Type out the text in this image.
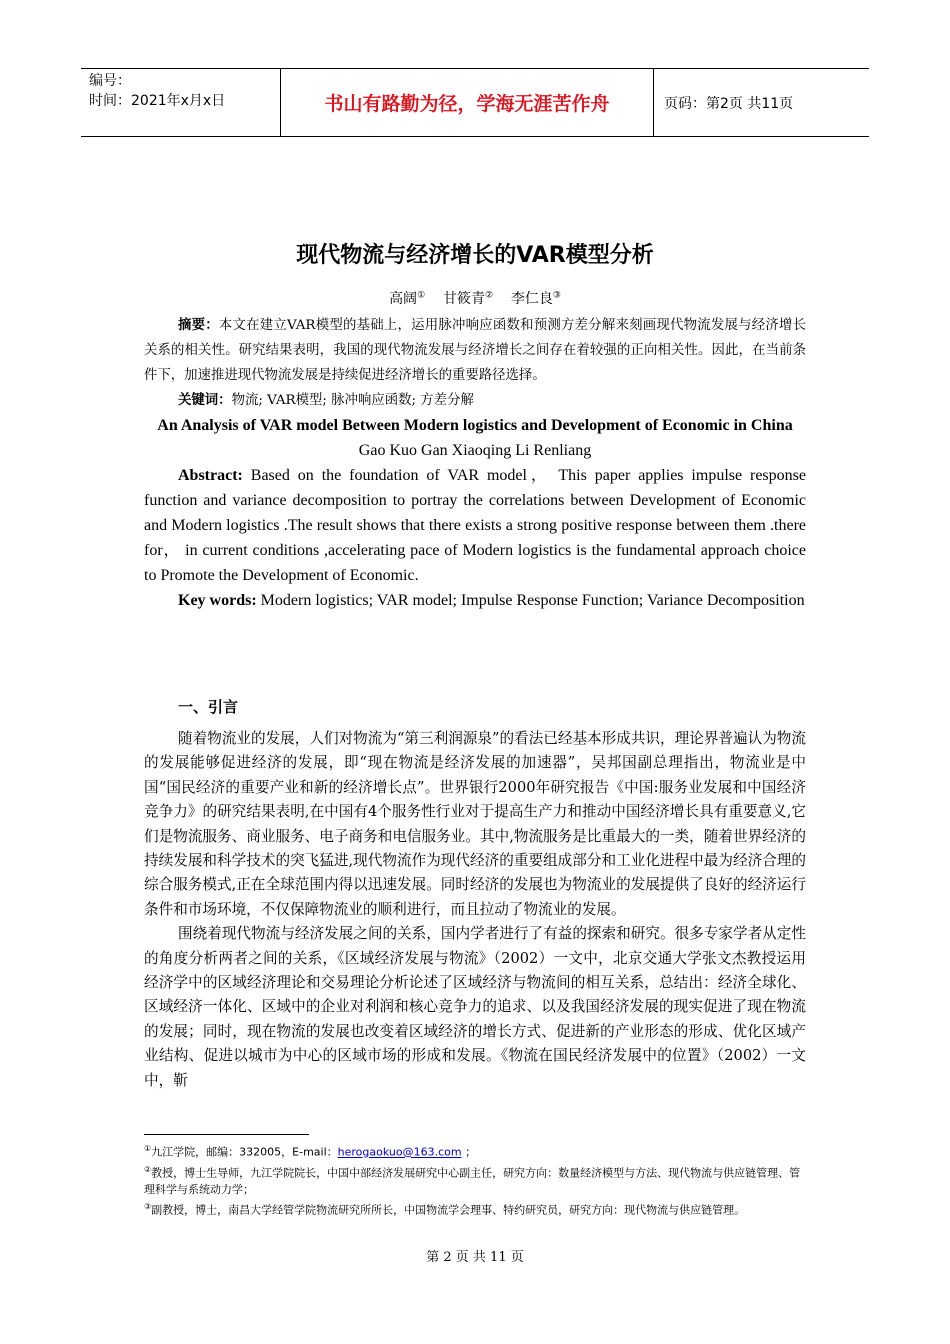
编号：
时间：2021年x月x日	书山有路勤为径，学海无涯苦作舟	页码：第2页 共11页
现代物流与经济增长的VAR模型分析
高阔① 甘筱青② 李仁良③

摘要：本文在建立VAR模型的基础上，运用脉冲响应函数和预测方差分解来刻画现代物流发展与经济增长关系的相关性。研究结果表明，我国的现代物流发展与经济增长之间存在着较强的正向相关性。因此，在当前条件下，加速推进现代物流发展是持续促进经济增长的重要路径选择。

关键词：物流; VAR模型; 脉冲响应函数; 方差分解

An Analysis of VAR model Between Modern logistics and Development of Economic in China

Gao Kuo Gan Xiaoqing Li Renliang

Abstract: Based on the foundation of VAR model， This paper applies impulse response function and variance decomposition to portray the correlations between Development of Economic and Modern logistics .The result shows that there exists a strong positive response between them .there for， in current conditions ,accelerating pace of Modern logistics is the fundamental approach choice to Promote the Development of Economic.

Key words: Modern logistics; VAR model; Impulse Response Function; Variance Decomposition

一、引言

随着物流业的发展，人们对物流为“第三利润源泉”的看法已经基本形成共识，理论界普遍认为物流的发展能够促进经济的发展，即“现在物流是经济发展的加速器”，吴邦国副总理指出，物流业是中国“国民经济的重要产业和新的经济增长点”。世界银行2000年研究报告《中国:服务业发展和中国经济竞争力》的研究结果表明,在中国有4个服务性行业对于提高生产力和推动中国经济增长具有重要意义,它们是物流服务、商业服务、电子商务和电信服务业。其中,物流服务是比重最大的一类，随着世界经济的持续发展和科学技术的突飞猛进,现代物流作为现代经济的重要组成部分和工业化进程中最为经济合理的综合服务模式,正在全球范围内得以迅速发展。同时经济的发展也为物流业的发展提供了良好的经济运行条件和市场环境，不仅保障物流业的顺利进行，而且拉动了物流业的发展。

围绕着现代物流与经济发展之间的关系，国内学者进行了有益的探索和研究。很多专家学者从定性的角度分析两者之间的关系，《区域经济发展与物流》（2002）一文中，北京交通大学张文杰教授运用经济学中的区域经济理论和交易理论分析论述了区域经济与物流间的相互关系，总结出：经济全球化、区域经济一体化、区域中的企业对利润和核心竞争力的追求、以及我国经济发展的现实促进了现在物流的发展；同时，现在物流的发展也改变着区域经济的增长方式、促进新的产业形态的形成、优化区域产业结构、促进以城市为中心的区域市场的形成和发展。《物流在国民经济发展中的位置》（2002）一文中，靳

①九江学院，邮编：332005，E-mail：herogaokuo@163.com ；
②教授，博士生导师，九江学院院长，中国中部经济发展研究中心副主任，研究方向：数量经济模型与方法、现代物流与供应链管理、管理科学与系统动力学；
③副教授，博士，南昌大学经管学院物流研究所所长，中国物流学会理事、特约研究员，研究方向：现代物流与供应链管理。
第 2 页 共 11 页
